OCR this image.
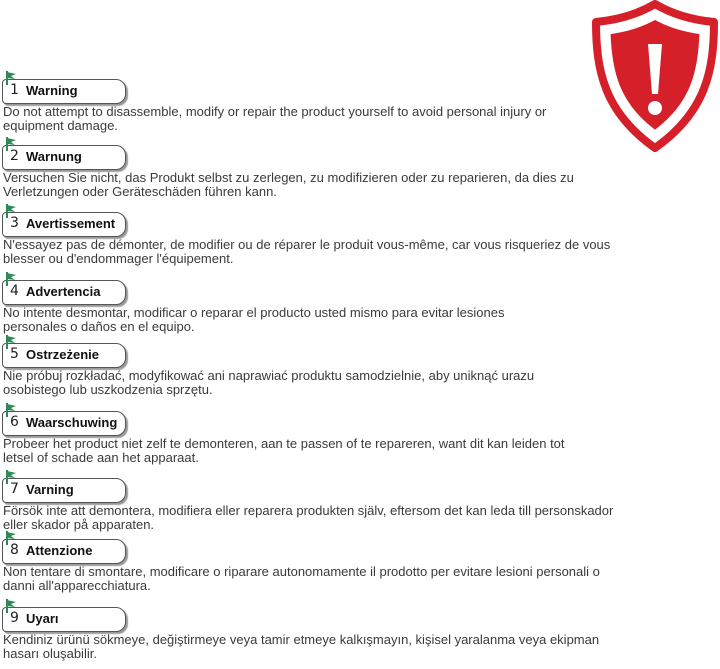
1 Warning
Do not attempt to disassemble, modify or repair the product yourself to avoid personal injury or
equipment damage.
2 Warnung
Versuchen Sie nicht, das Produkt selbst zu zerlegen, zu modifizieren oder zu reparieren, da dies zu
Verletzungen oder Geräteschäden führen kann.
3 Avertissement
N'essayez pas de démonter, de modifier ou de réparer le produit vous-même, car vous risqueriez de vous
blesser ou d'endommager l'équipement.
4 Advertencia
No intente desmontar, modificar o reparar el producto usted mismo para evitar lesiones
personales o daños en el equipo.
5 Ostrzeżenie
Nie próbuj rozkładać, modyfikować ani naprawiać produktu samodzielnie, aby uniknąć urazu
osobistego lub uszkodzenia sprzętu.
6 Waarschuwing
Probeer het product niet zelf te demonteren, aan te passen of te repareren, want dit kan leiden tot
letsel of schade aan het apparaat.
7 Varning
Försök inte att demontera, modifiera eller reparera produkten själv, eftersom det kan leda till personskador
eller skador på apparaten.
8 Attenzione
Non tentare di smontare, modificare o riparare autonomamente il prodotto per evitare lesioni personali o
danni all'apparecchiatura.
9 Uyarı
Kendiniz ürünü sökmeye, değiştirmeye veya tamir etmeye kalkışmayın, kişisel yaralanma veya ekipman
hasarı oluşabilir.
